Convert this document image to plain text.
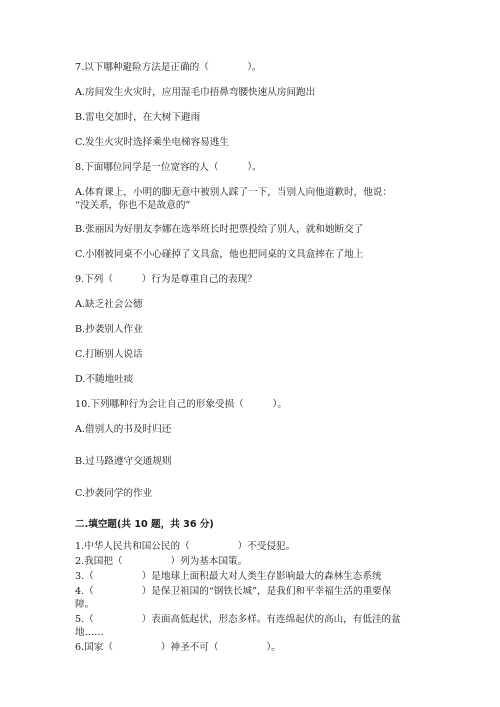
7.以下哪种避险方法是正确的（　　　　）。
A.房间发生火灾时，应用湿毛巾捂鼻弯腰快速从房间跑出
B.雷电交加时，在大树下避雨
C.发生火灾时选择乘坐电梯容易逃生
8.下面哪位同学是一位宽容的人（　　　）。
A.体育课上，小明的脚无意中被别人踩了一下，当别人向他道歉时，他说：
“没关系，你也不是故意的”
B.张丽因为好朋友李娜在选举班长时把票投给了别人，就和她断交了
C.小刚被同桌不小心碰掉了文具盒，他也把同桌的文具盒摔在了地上
9.下列（　　　）行为是尊重自己的表现？
A.缺乏社会公德
B.抄袭别人作业
C.打断别人说话
D.不随地吐痰
10.下列哪种行为会让自己的形象受损（　　　）。
A.借别人的书及时归还
B.过马路遵守交通规则
C.抄袭同学的作业
二.填空题(共 10 题，共 36 分)
1.中华人民共和国公民的（　　　　　）不受侵犯。
2.我国把（　　　　　）列为基本国策。
3.（　　　　　）是地球上面积最大对人类生存影响最大的森林生态系统
4.（　　　　　）是保卫祖国的“钢铁长城”，是我们和平幸福生活的重要保
障。
5.（　　　　　）表面高低起伏，形态多样。有连绵起伏的高山，有低洼的盆
地……
6.国家（　　　　　）神圣不可（　　　　　）。
